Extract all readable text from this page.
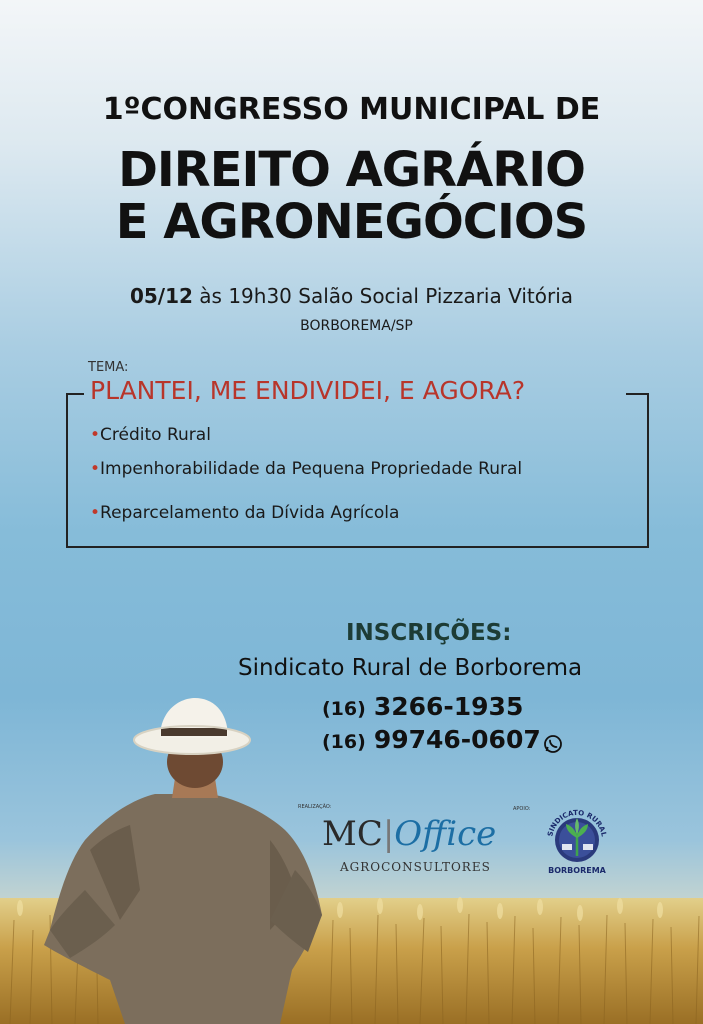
1ºCONGRESSO MUNICIPAL DE
DIREITO AGRÁRIO
E AGRONEGÓCIOS
05/12 às 19h30 Salão Social Pizzaria Vitória
BORBOREMA/SP
TEMA:
PLANTEI, ME ENDIVIDEI, E AGORA?
•Crédito Rural
•Impenhorabilidade da Pequena Propriedade Rural
•Reparcelamento da Dívida Agrícola
INSCRIÇÕES:
Sindicato Rural de Borborema
(16) 3266-1935
(16) 99746-0607
REALIZAÇÃO:
MC|Office
AGROCONSULTORES
APOIO:
SINDICATO RURAL
BORBOREMA
